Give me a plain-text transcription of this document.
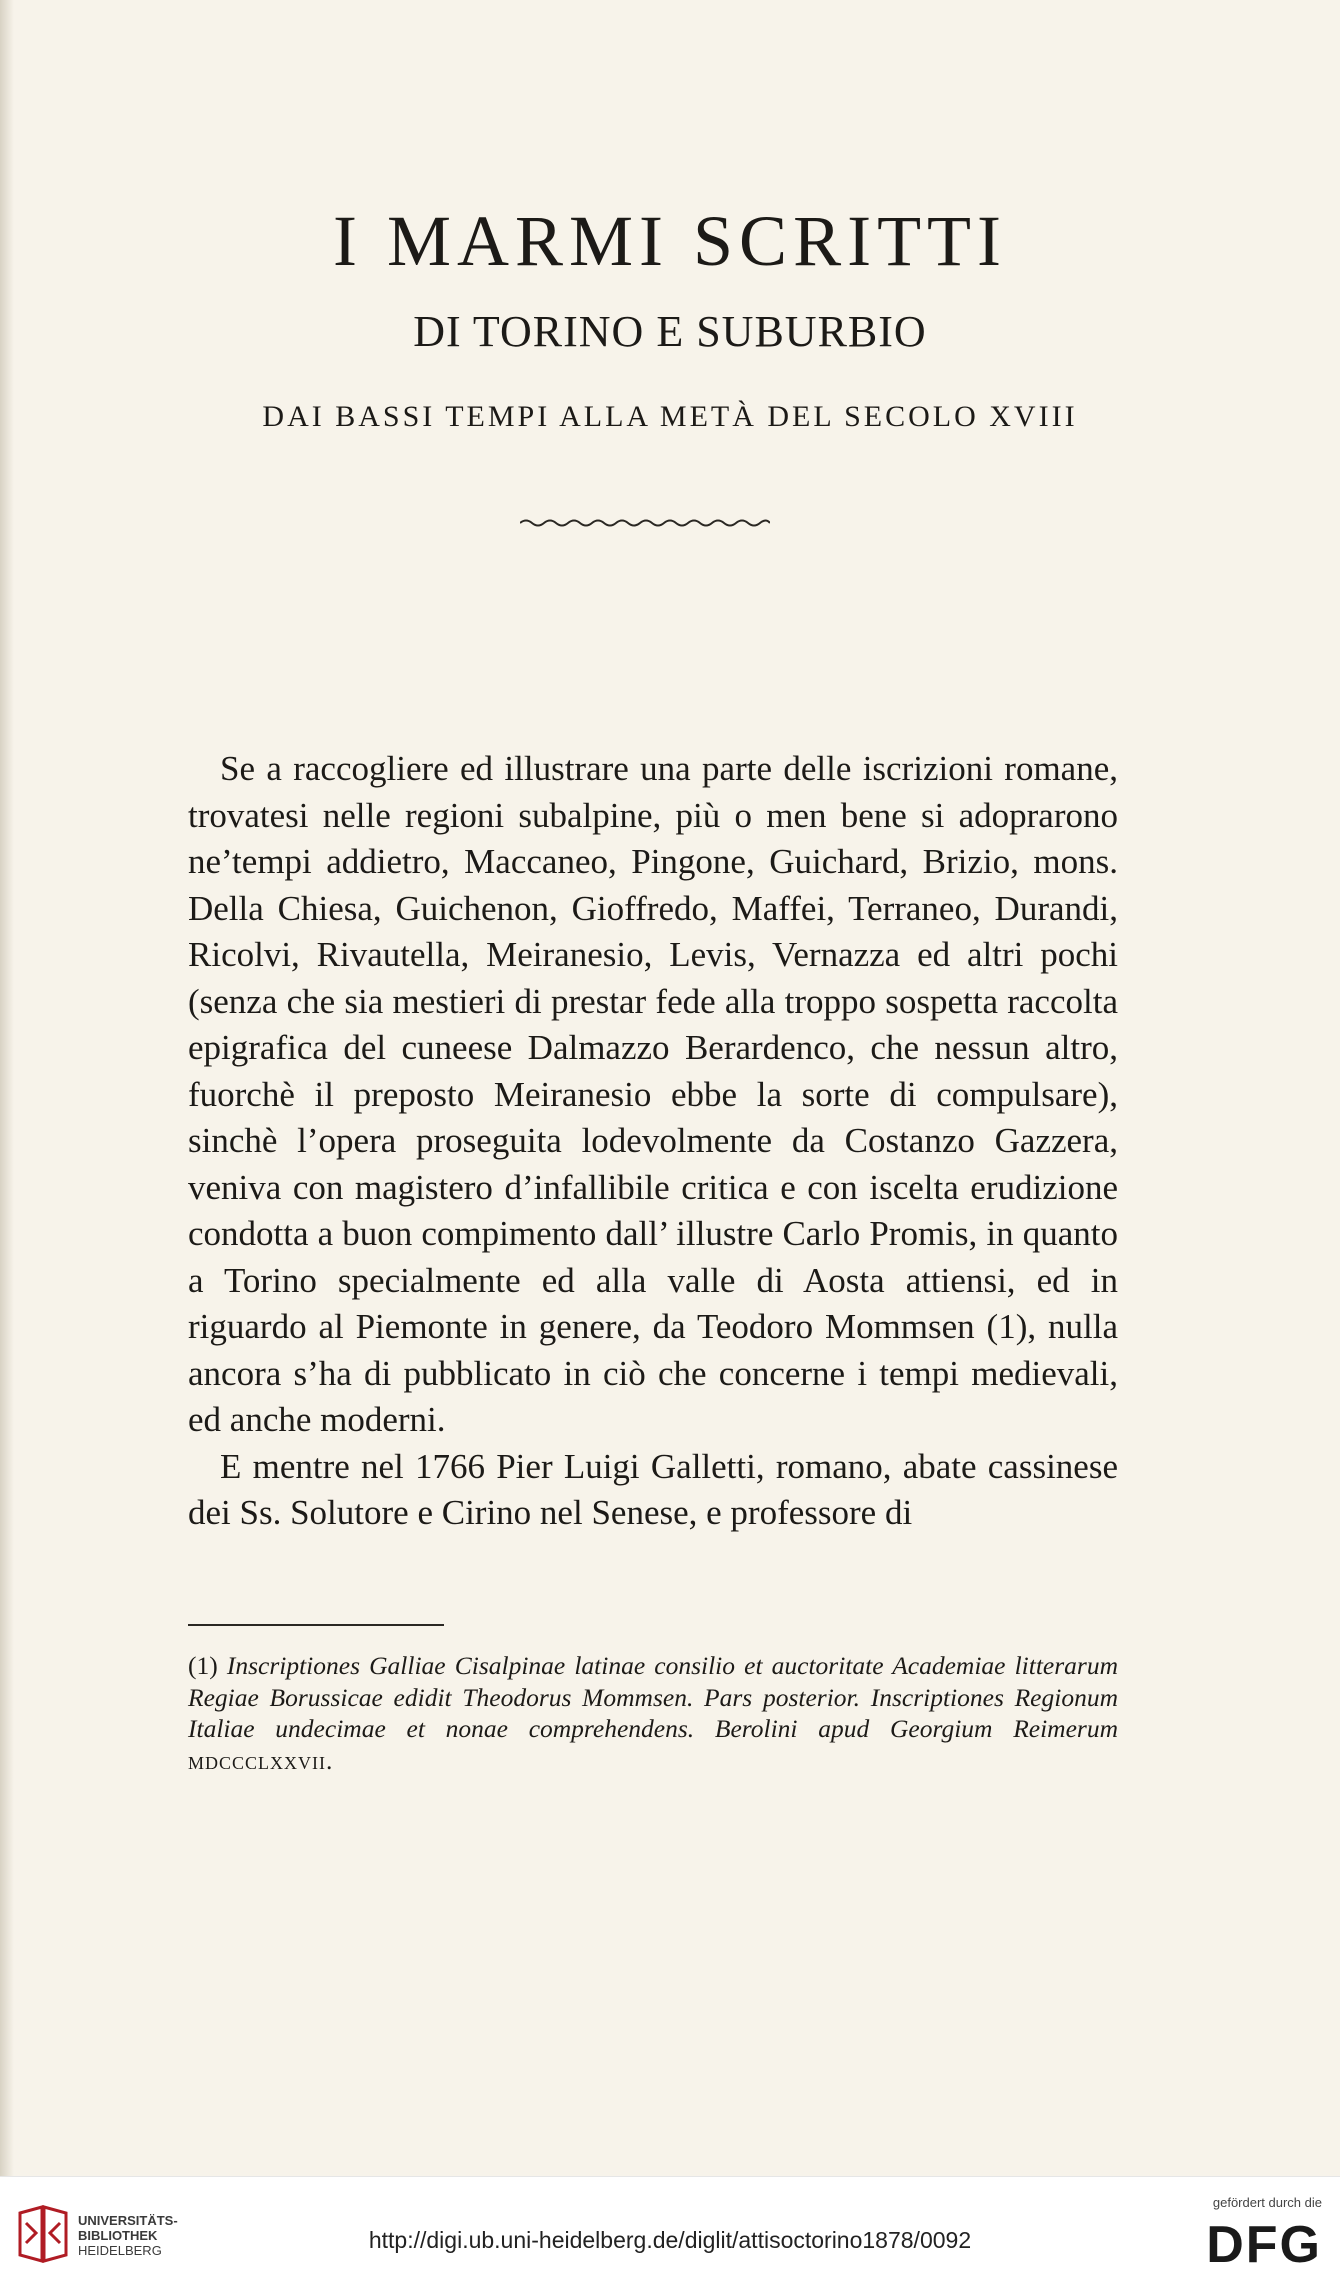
I MARMI SCRITTI
DI TORINO E SUBURBIO
DAI BASSI TEMPI ALLA METÀ DEL SECOLO XVIII

Se a raccogliere ed illustrare una parte delle iscrizioni romane, trovatesi nelle regioni subalpine, più o men bene si adoprarono ne’tempi addietro, Maccaneo, Pingone, Guichard, Brizio, mons. Della Chiesa, Guichenon, Gioffredo, Maffei, Terraneo, Durandi, Ricolvi, Rivautella, Meiranesio, Levis, Vernazza ed altri pochi (senza che sia mestieri di prestar fede alla troppo sospetta raccolta epigrafica del cuneese Dalmazzo Berardenco, che nessun altro, fuorchè il preposto Meiranesio ebbe la sorte di compulsare), sinchè l’opera proseguita lodevolmente da Costanzo Gazzera, veniva con magistero d’infallibile critica e con iscelta erudizione condotta a buon compimento dall’ illustre Carlo Promis, in quanto a Torino specialmente ed alla valle di Aosta attiensi, ed in riguardo al Piemonte in genere, da Teodoro Mommsen (1), nulla ancora s’ha di pubblicato in ciò che concerne i tempi medievali, ed anche moderni.

E mentre nel 1766 Pier Luigi Galletti, romano, abate cassinese dei Ss. Solutore e Cirino nel Senese, e professore di

(1) Inscriptiones Galliae Cisalpinae latinae consilio et auctoritate Academiae litterarum Regiae Borussicae edidit Theodorus Mommsen. Pars posterior. Inscriptiones Regionum Italiae undecimae et nonae comprehendens. Berolini apud Georgium Reimerum mdccclxxvii.
UNIVERSITÄTS-
BIBLIOTHEK
HEIDELBERG	http://digi.ub.uni-heidelberg.de/diglit/attisoctorino1878/0092
gefördert durch die
DFG
